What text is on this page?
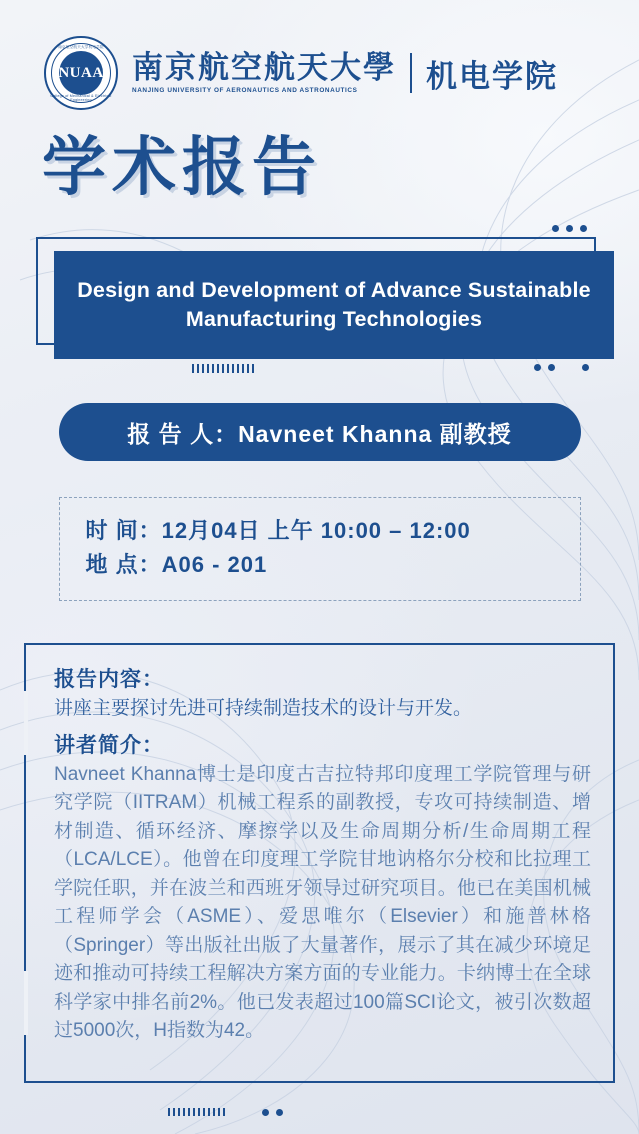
南京航空航天大学机电学院
NUAA
College of Mechanical & Electrical Engineering
南京航空航天大學
NANJING UNIVERSITY OF AERONAUTICS AND ASTRONAUTICS	机电学院
学术报告
Design and Development of Advance Sustainable Manufacturing Technologies
报 告 人：Navneet Khanna 副教授
时 间：12月04日 上午 10:00 – 12:00
地 点：A06 - 201
报告内容：
讲座主要探讨先进可持续制造技术的设计与开发。
讲者简介：
Navneet Khanna博士是印度古吉拉特邦印度理工学院管理与研究学院（IITRAM）机械工程系的副教授，专攻可持续制造、增材制造、循环经济、摩擦学以及生命周期分析/生命周期工程（LCA/LCE）。他曾在印度理工学院甘地讷格尔分校和比拉理工学院任职，并在波兰和西班牙领导过研究项目。他已在美国机械工程师学会（ASME）、爱思唯尔（Elsevier）和施普林格（Springer）等出版社出版了大量著作，展示了其在减少环境足迹和推动可持续工程解决方案方面的专业能力。卡纳博士在全球科学家中排名前2%。他已发表超过100篇SCI论文，被引次数超过5000次，H指数为42。
